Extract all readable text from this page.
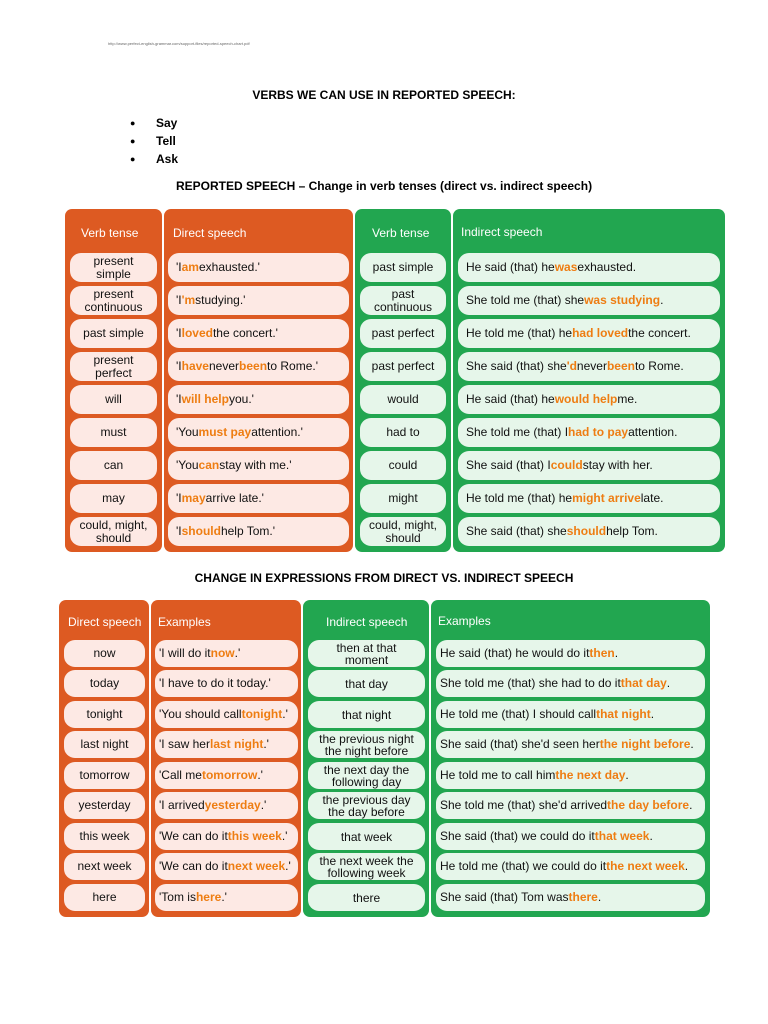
http://www.perfect-english-grammar.com/support-files/reported-speech-chart.pdf
VERBS WE CAN USE IN REPORTED SPEECH:
● Say
● Tell
● Ask
REPORTED SPEECH – Change in verb tenses (direct vs. indirect speech)
Verb tense	Direct speech	Verb tense	Indirect speech
present simple	'I am exhausted.'	past simple	He said (that) he was exhausted.
present continuous	'I 'm studying.'	past continuous	She told me (that) she was studying .
past simple	'I loved the concert.'	past perfect	He told me (that) he had loved the concert.
present perfect	'I have never been to Rome.'	past perfect	She said (that) she 'd never been to Rome.
will	'I will help you.'	would	He said (that) he would help me.
must	'You must pay attention.'	had to	She told me (that) I had to pay attention.
can	'You can stay with me.'	could	She said (that) I could stay with her.
may	'I may arrive late.'	might	He told me (that) he might arrive late.
could, might, should	'I should help Tom.'	could, might, should	She said (that) she should help Tom.
CHANGE IN EXPRESSIONS FROM DIRECT VS. INDIRECT SPEECH
Direct speech	Examples	Indirect speech	Examples
now	'I will do it now .'	then at that moment	He said (that) he would do it then .
today	'I have to do it today.'	that day	She told me (that) she had to do it that day .
tonight	'You should call tonight .'	that night	He told me (that) I should call that night .
last night	'I saw her last night .'	the previous night the night before	She said (that) she'd seen her the night before .
tomorrow 'Call me tomorrow .'	the next day the following day	He told me to call him the next day .
yesterday 'I arrived yesterday .'	the previous day the day before	She told me (that) she'd arrived the day before .
this week 'We can do it this week .'	that week	She said (that) we could do it that week .
next week 'We can do it next week .'	the next week the following week	He told me (that) we could do it the next week .
here	'Tom is here .'	there	She said (that) Tom was there .
